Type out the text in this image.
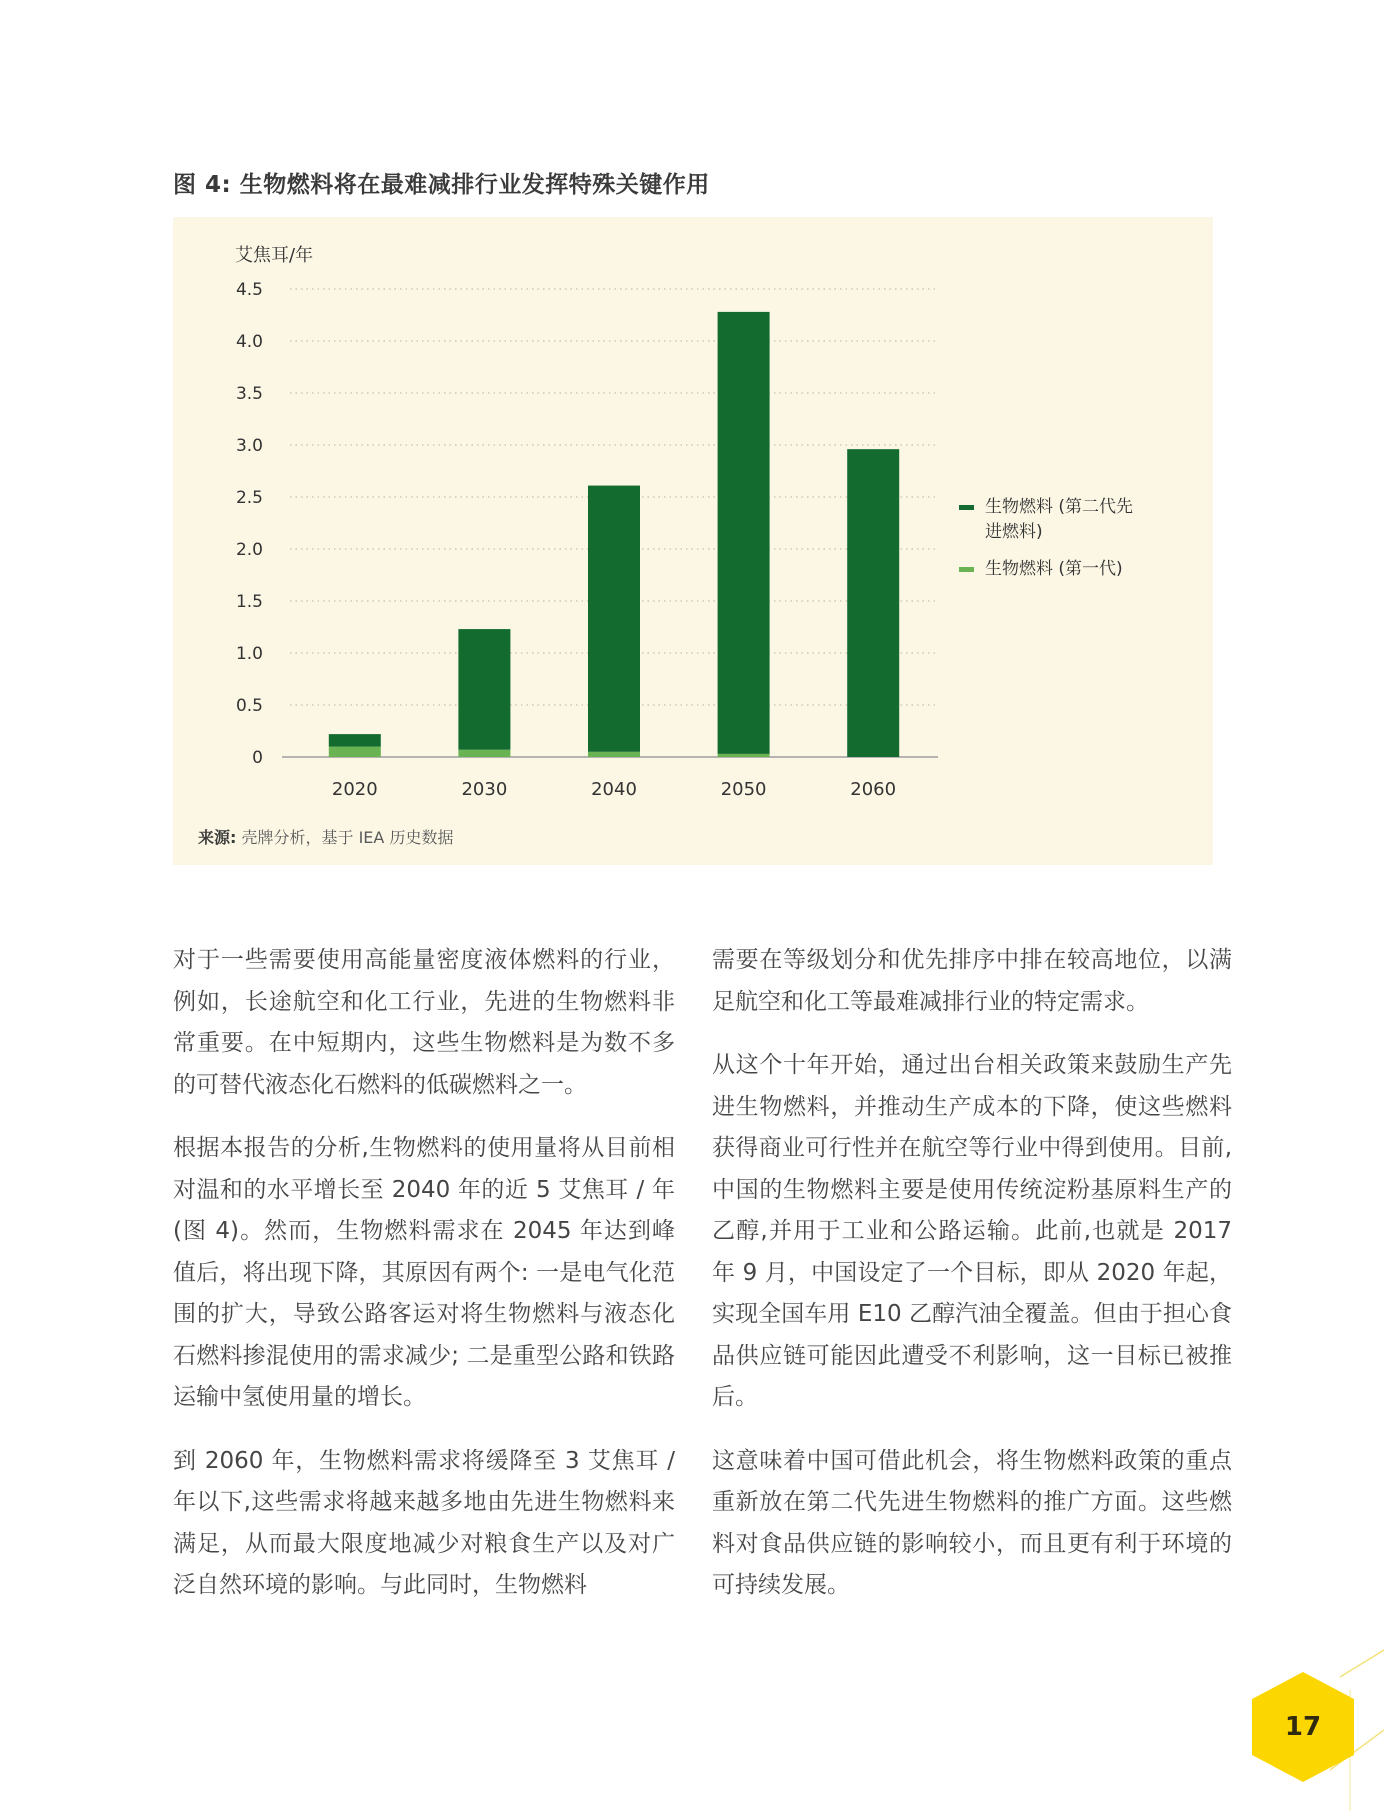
图 4: 生物燃料将在最难减排行业发挥特殊关键作用
艾焦耳/年
0
0.5
1.0
1.5
2.0
2.5
3.0
3.5
4.0
4.5
2020	2030	2040	2050	2060
生物燃料 (第二代先
进燃料)
生物燃料 (第一代)

来源: 壳牌分析，基于 IEA 历史数据

对于一些需要使用高能量密度液体燃料的行业，例如，长途航空和化工行业，先进的生物燃料非常重要。在中短期内，这些生物燃料是为数不多的可替代液态化石燃料的低碳燃料之一。

根据本报告的分析,生物燃料的使用量将从目前相对温和的水平增长至 2040 年的近 5 艾焦耳 / 年 (图 4)。然而，生物燃料需求在 2045 年达到峰值后，将出现下降，其原因有两个: 一是电气化范围的扩大，导致公路客运对将生物燃料与液态化石燃料掺混使用的需求减少; 二是重型公路和铁路运输中氢使用量的增长。

到 2060 年，生物燃料需求将缓降至 3 艾焦耳 / 年以下,这些需求将越来越多地由先进生物燃料来满足，从而最大限度地减少对粮食生产以及对广泛自然环境的影响。与此同时，生物燃料

需要在等级划分和优先排序中排在较高地位，以满足航空和化工等最难减排行业的特定需求。

从这个十年开始，通过出台相关政策来鼓励生产先进生物燃料，并推动生产成本的下降，使这些燃料获得商业可行性并在航空等行业中得到使用。目前,中国的生物燃料主要是使用传统淀粉基原料生产的乙醇,并用于工业和公路运输。此前,也就是 2017 年 9 月，中国设定了一个目标，即从 2020 年起，实现全国车用 E10 乙醇汽油全覆盖。但由于担心食品供应链可能因此遭受不利影响，这一目标已被推后。

这意味着中国可借此机会，将生物燃料政策的重点重新放在第二代先进生物燃料的推广方面。这些燃料对食品供应链的影响较小，而且更有利于环境的可持续发展。

17
